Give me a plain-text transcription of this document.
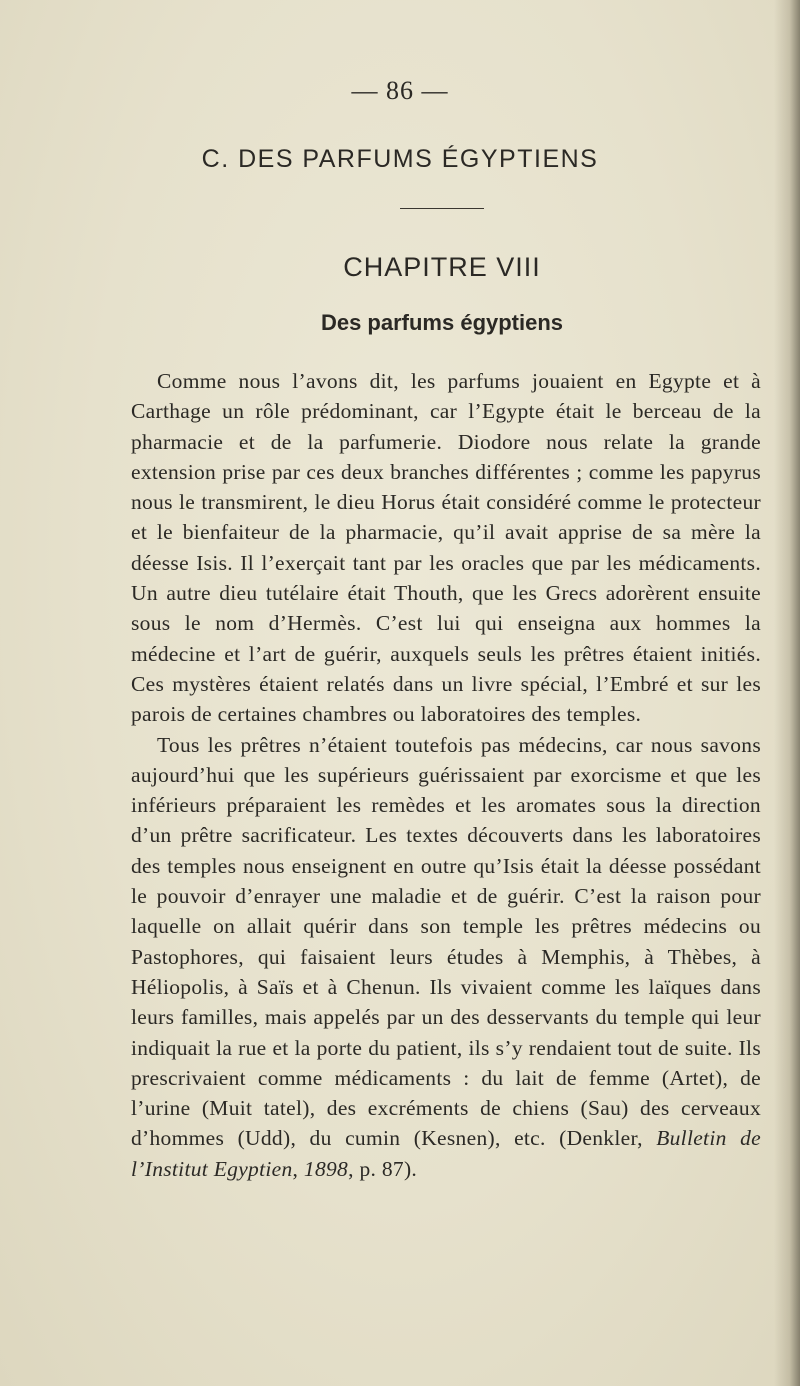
— 86 —
C. DES PARFUMS ÉGYPTIENS
CHAPITRE VIII
Des parfums égyptiens

Comme nous l’avons dit, les parfums jouaient en Egypte et à Carthage un rôle prédominant, car l’Egypte était le berceau de la pharmacie et de la parfumerie. Diodore nous relate la grande extension prise par ces deux branches différentes ; comme les papyrus nous le transmirent, le dieu Horus était considéré comme le protecteur et le bienfaiteur de la pharmacie, qu’il avait apprise de sa mère la déesse Isis. Il l’exerçait tant par les oracles que par les médicaments. Un autre dieu tutélaire était Thouth, que les Grecs adorèrent ensuite sous le nom d’Hermès. C’est lui qui enseigna aux hommes la médecine et l’art de guérir, auxquels seuls les prêtres étaient initiés. Ces mystères étaient relatés dans un livre spécial, l’Embré et sur les parois de certaines chambres ou laboratoires des temples.

Tous les prêtres n’étaient toutefois pas médecins, car nous savons aujourd’hui que les supérieurs guérissaient par exorcisme et que les inférieurs préparaient les remèdes et les aromates sous la direction d’un prêtre sacrificateur. Les textes découverts dans les laboratoires des temples nous enseignent en outre qu’Isis était la déesse possédant le pouvoir d’enrayer une maladie et de guérir. C’est la raison pour laquelle on allait quérir dans son temple les prêtres médecins ou Pastophores, qui faisaient leurs études à Memphis, à Thèbes, à Héliopolis, à Saïs et à Chenun. Ils vivaient comme les laïques dans leurs familles, mais appelés par un des desservants du temple qui leur indiquait la rue et la porte du patient, ils s’y rendaient tout de suite. Ils prescrivaient comme médicaments : du lait de femme (Artet), de l’urine (Muit tatel), des excréments de chiens (Sau) des cerveaux d’hommes (Udd), du cumin (Kesnen), etc. (Denkler, Bulletin de l’Institut Egyptien, 1898, p. 87).
